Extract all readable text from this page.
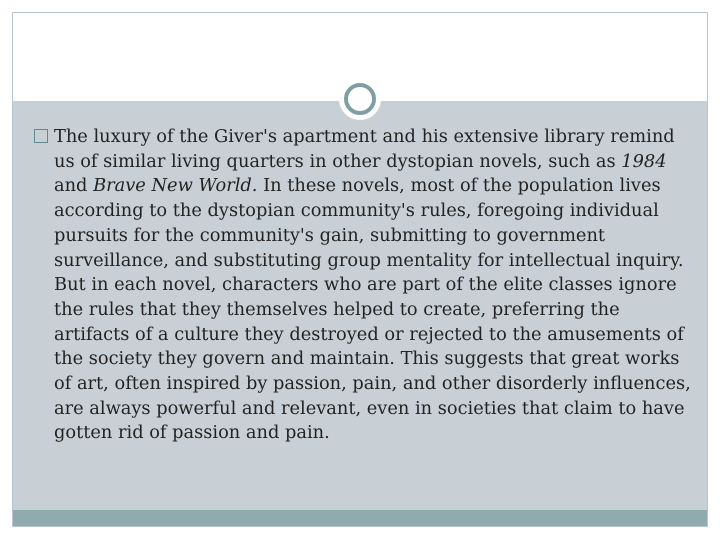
The luxury of the Giver's apartment and his extensive library remind us of similar living quarters in other dystopian novels, such as 1984 and Brave New World. In these novels, most of the population lives according to the dystopian community's rules, foregoing individual pursuits for the community's gain, submitting to government surveillance, and substituting group mentality for intellectual inquiry. But in each novel, characters who are part of the elite classes ignore the rules that they themselves helped to create, preferring the artifacts of a culture they destroyed or rejected to the amusements of the society they govern and maintain. This suggests that great works of art, often inspired by passion, pain, and other disorderly influences, are always powerful and relevant, even in societies that claim to have gotten rid of passion and pain.
